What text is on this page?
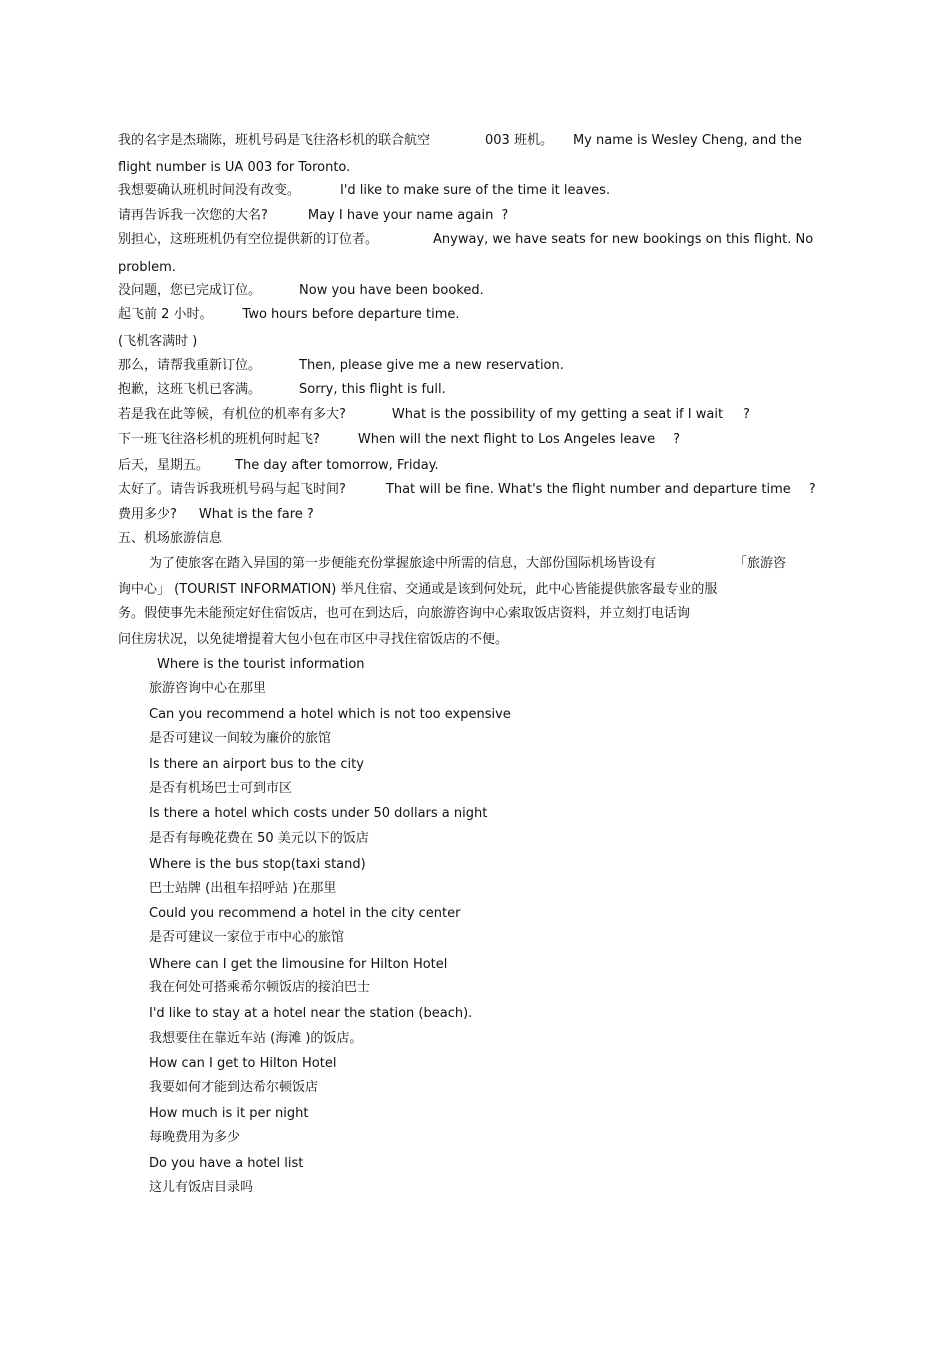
我的名字是杰瑞陈，班机号码是飞往洛杉机的联合航空	003 班机。 My name is Wesley Cheng, and the
flight number is UA 003 for Toronto.
我想要确认班机时间没有改变。	I'd like to make sure of the time it leaves.
请再告诉我一次您的大名?	May I have your name again ?
别担心，这班班机仍有空位提供新的订位者。	Anyway, we have seats for new bookings on this flight. No
problem.
没问题，您已完成订位。	Now you have been booked.
起飞前 2 小时。 Two hours before departure time.
(飞机客满时 )
那么，请帮我重新订位。	Then, please give me a new reservation.
抱歉，这班飞机已客满。	Sorry, this flight is full.
若是我在此等候，有机位的机率有多大?	What is the possibility of my getting a seat if I wait ?
下一班飞往洛杉机的班机何时起飞?	When will the next flight to Los Angeles leave ?
后天，星期五。 The day after tomorrow, Friday.
太好了。请告诉我班机号码与起飞时间?	That will be fine. What's the flight number and departure time ?
费用多少? What is the fare ?
五、机场旅游信息
为了使旅客在踏入异国的第一步便能充份掌握旅途中所需的信息，大部份国际机场皆设有	「旅游咨
询中心」 (TOURIST INFORMATION) 举凡住宿、交通或是该到何处玩，此中心皆能提供旅客最专业的服
务。假使事先未能预定好住宿饭店，也可在到达后，向旅游咨询中心索取饭店资料，并立刻打电话询
问住房状况，以免徒增提着大包小包在市区中寻找住宿饭店的不便。
Where is the tourist information
旅游咨询中心在那里
Can you recommend a hotel which is not too expensive
是否可建议一间较为廉价的旅馆
Is there an airport bus to the city
是否有机场巴士可到市区
Is there a hotel which costs under 50 dollars a night
是否有每晚花费在 50 美元以下的饭店
Where is the bus stop(taxi stand)
巴士站牌 (出租车招呼站 )在那里
Could you recommend a hotel in the city center
是否可建议一家位于市中心的旅馆
Where can I get the limousine for Hilton Hotel
我在何处可搭乘希尔顿饭店的接泊巴士
I'd like to stay at a hotel near the station (beach).
我想要住在靠近车站 (海滩 )的饭店。
How can I get to Hilton Hotel
我要如何才能到达希尔顿饭店
How much is it per night
每晚费用为多少
Do you have a hotel list
这儿有饭店目录吗
